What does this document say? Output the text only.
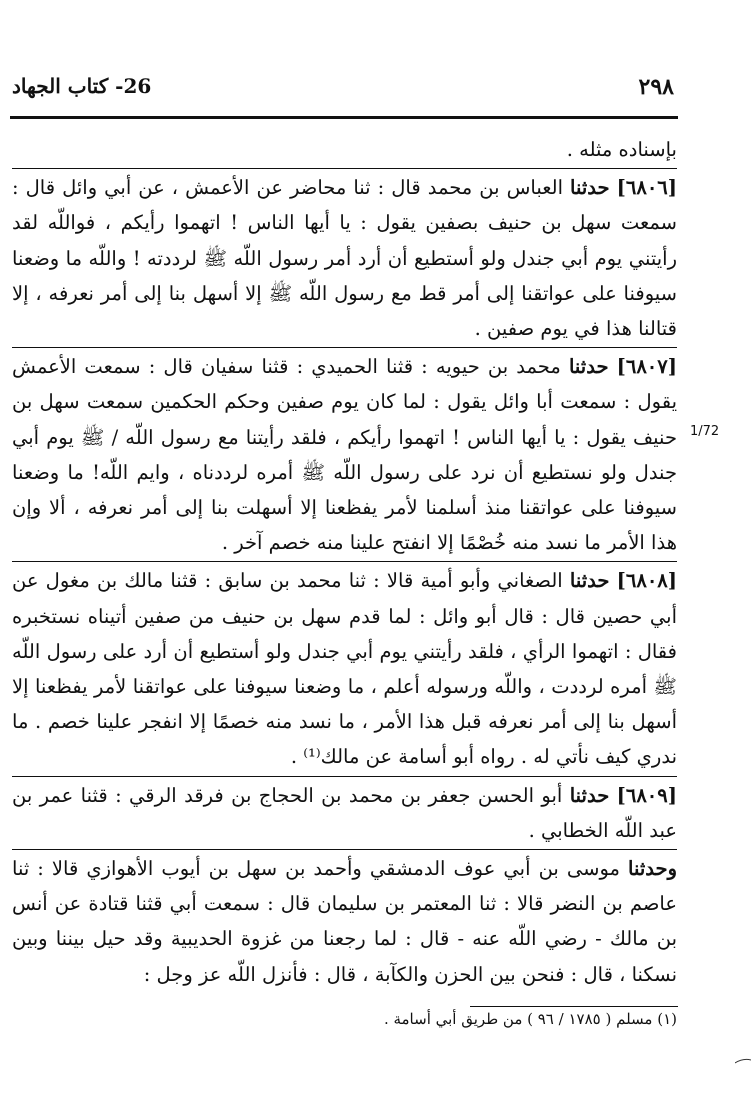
٢٩٨
26- كتاب الجهاد

بإسناده مثله .

[٦٨٠٦] حدثنا العباس بن محمد قال : ثنا محاضر عن الأعمش ، عن أبي وائل قال : سمعت سهل بن حنيف بصفين يقول : يا أيها الناس ! اتهموا رأيكم ، فواللّه لقد رأيتني يوم أبي جندل ولو أستطيع أن أرد أمر رسول اللّه ﷺ لرددته ! واللّه ما وضعنا سيوفنا على عواتقنا إلى أمر قط مع رسول اللّه ﷺ إلا أسهل بنا إلى أمر نعرفه ، إلا قتالنا هذا في يوم صفين .

[٦٨٠٧] حدثنا محمد بن حيويه : قثنا الحميدي : قثنا سفيان قال : سمعت الأعمش يقول : سمعت أبا وائل يقول : لما كان يوم صفين وحكم الحكمين سمعت سهل بن حنيف يقول : يا أيها الناس ! اتهموا رأيكم ، فلقد رأيتنا مع رسول اللّه / ﷺ يوم أبي جندل ولو نستطيع أن نرد على رسول اللّه ﷺ أمره لرددناه ، وايم اللّه! ما وضعنا سيوفنا على عواتقنا منذ أسلمنا لأمر يفظعنا إلا أسهلت بنا إلى أمر نعرفه ، ألا وإن هذا الأمر ما نسد منه خُصْمًا إلا انفتح علينا منه خصم آخر .

[٦٨٠٨] حدثنا الصغاني وأبو أمية قالا : ثنا محمد بن سابق : قثنا مالك بن مغول عن أبي حصين قال : قال أبو وائل : لما قدم سهل بن حنيف من صفين أتيناه نستخبره فقال : اتهموا الرأي ، فلقد رأيتني يوم أبي جندل ولو أستطيع أن أرد على رسول اللّه ﷺ أمره لرددت ، واللّه ورسوله أعلم ، ما وضعنا سيوفنا على عواتقنا لأمر يفظعنا إلا أسهل بنا إلى أمر نعرفه قبل هذا الأمر ، ما نسد منه خصمًا إلا انفجر علينا خصم . ما ندري كيف نأتي له . رواه أبو أسامة عن مالك⁽¹⁾ .

[٦٨٠٩] حدثنا أبو الحسن جعفر بن محمد بن الحجاج بن فرقد الرقي : قثنا عمر بن عبد اللّه الخطابي .

وحدثنا موسى بن أبي عوف الدمشقي وأحمد بن سهل بن أيوب الأهوازي قالا : ثنا عاصم بن النضر قالا : ثنا المعتمر بن سليمان قال : سمعت أبي قثنا قتادة عن أنس بن مالك - رضي اللّه عنه - قال : لما رجعنا من غزوة الحديبية وقد حيل بيننا وبين نسكنا ، قال : فنحن بين الحزن والكآبة ، قال : فأنزل اللّه عز وجل :

1/72
(١) مسلم ( ١٧٨٥ / ٩٦ ) من طريق أبي أسامة .
